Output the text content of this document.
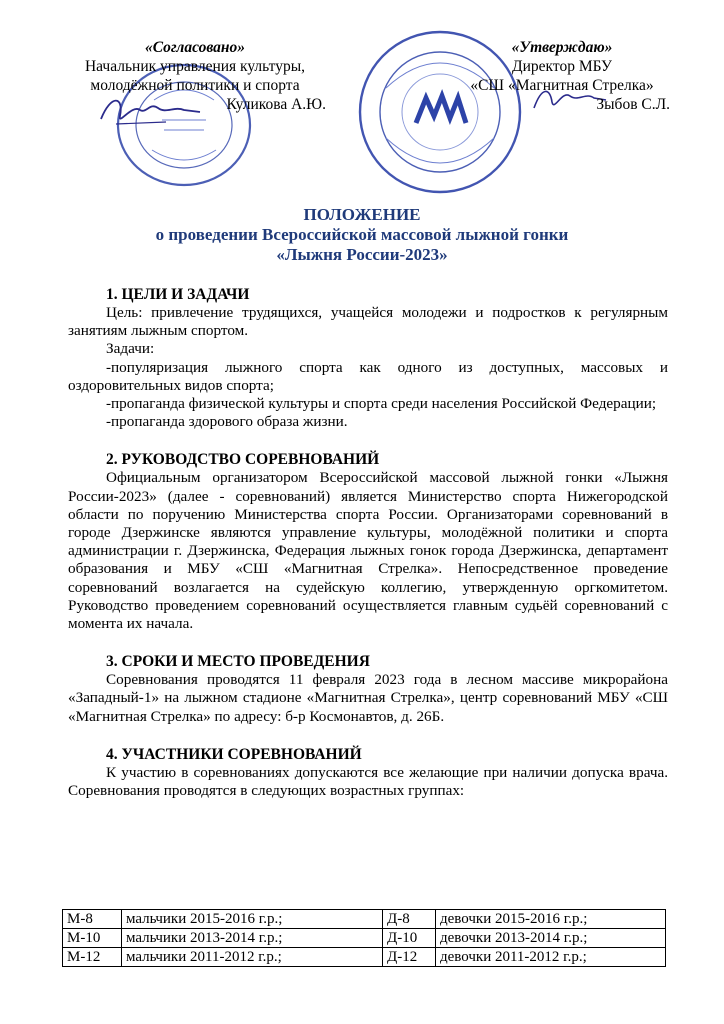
«Согласовано»
Начальник управления культуры,
молодёжной политики и спорта
Куликова А.Ю.
«Утверждаю»
Директор МБУ
«СШ «Магнитная Стрелка»
Зыбов С.Л.
ПОЛОЖЕНИЕ
о проведении Всероссийской массовой лыжной гонки
«Лыжня России-2023»
1. ЦЕЛИ И ЗАДАЧИ

Цель: привлечение трудящихся, учащейся молодежи и подростков к регулярным занятиям лыжным спортом.

Задачи:

-популяризация лыжного спорта как одного из доступных, массовых и оздоровительных видов спорта;

-пропаганда физической культуры и спорта среди населения Российской Федерации;

-пропаганда здорового образа жизни.

2. РУКОВОДСТВО СОРЕВНОВАНИЙ

Официальным организатором Всероссийской массовой лыжной гонки «Лыжня России-2023» (далее - соревнований) является Министерство спорта Нижегородской области по поручению Министерства спорта России. Организаторами соревнований в городе Дзержинске являются управление культуры, молодёжной политики и спорта администрации г. Дзержинска, Федерация лыжных гонок города Дзержинска, департамент образования и МБУ «СШ «Магнитная Стрелка». Непосредственное проведение соревнований возлагается на судейскую коллегию, утвержденную оргкомитетом. Руководство проведением соревнований осуществляется главным судьёй соревнований с момента их начала.

3. СРОКИ И МЕСТО ПРОВЕДЕНИЯ

Соревнования проводятся 11 февраля 2023 года в лесном массиве микрорайона «Западный-1» на лыжном стадионе «Магнитная Стрелка», центр соревнований МБУ «СШ «Магнитная Стрелка» по адресу: б-р Космонавтов, д. 26Б.

4. УЧАСТНИКИ СОРЕВНОВАНИЙ

К участию в соревнованиях допускаются все желающие при наличии допуска врача. Соревнования проводятся в следующих возрастных группах:

М-8	мальчики 2015-2016 г.р.;	Д-8	девочки 2015-2016 г.р.;
М-10	мальчики 2013-2014 г.р.;	Д-10	девочки 2013-2014 г.р.;
М-12	мальчики 2011-2012 г.р.;	Д-12	девочки 2011-2012 г.р.;
